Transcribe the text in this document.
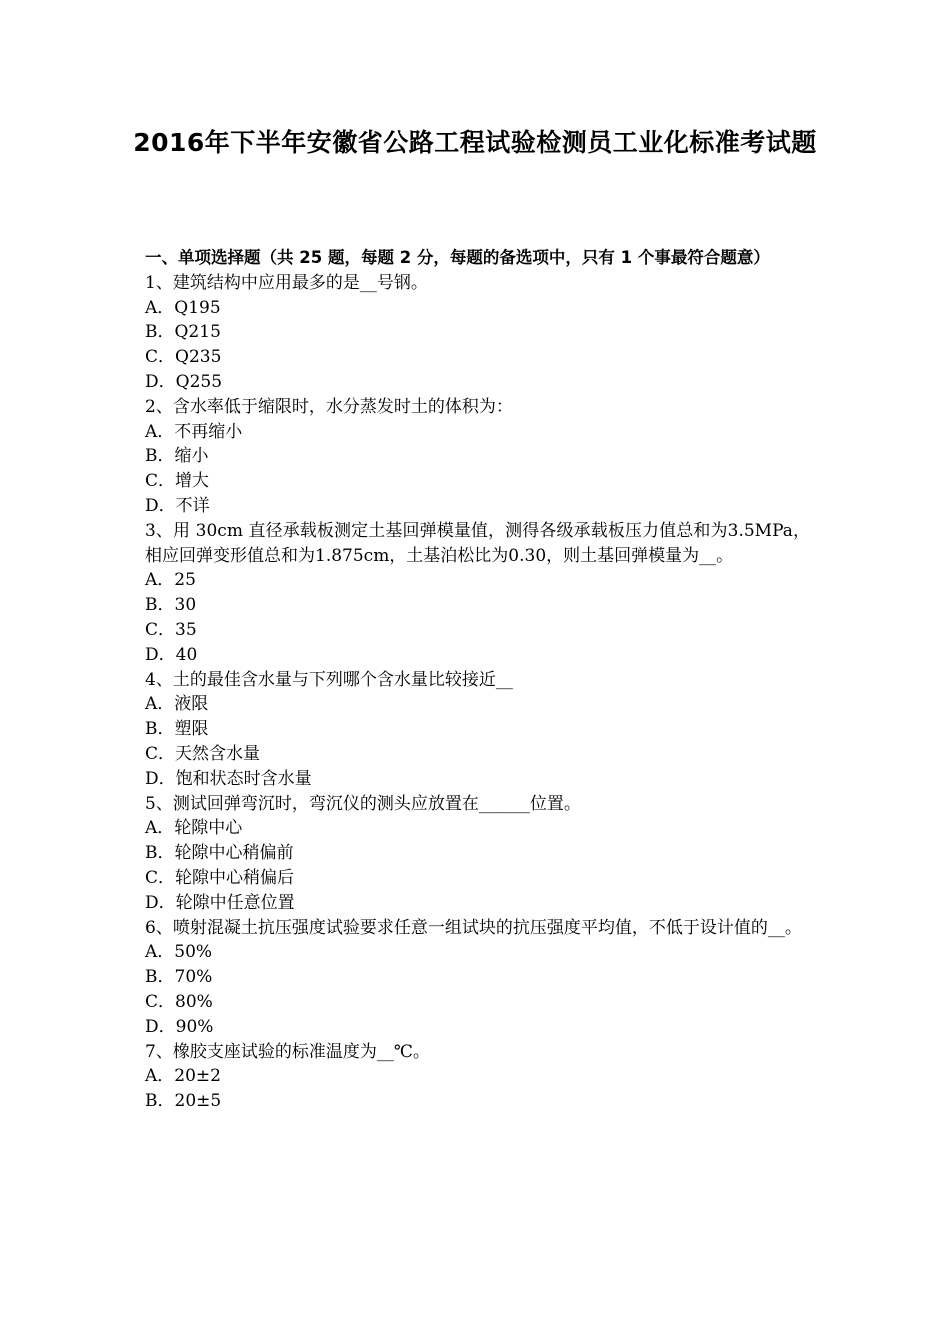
2016年下半年安徽省公路工程试验检测员工业化标准考试题

一、单项选择题（共 25 题，每题 2 分，每题的备选项中，只有 1 个事最符合题意）

1、建筑结构中应用最多的是__号钢。

A．Q195
B．Q215
C．Q235
D．Q255

2、含水率低于缩限时，水分蒸发时土的体积为：

A．不再缩小
B．缩小
C．增大
D．不详

3、用 30cm 直径承载板测定土基回弹模量值，测得各级承载板压力值总和为3.5MPa，相应回弹变形值总和为1.875cm，土基泊松比为0.30，则土基回弹模量为__。

A．25
B．30
C．35
D．40

4、土的最佳含水量与下列哪个含水量比较接近__

A．液限
B．塑限
C．天然含水量
D．饱和状态时含水量

5、测试回弹弯沉时，弯沉仪的测头应放置在______位置。

A．轮隙中心
B．轮隙中心稍偏前
C．轮隙中心稍偏后
D．轮隙中任意位置

6、喷射混凝土抗压强度试验要求任意一组试块的抗压强度平均值，不低于设计值的__。

A．50%
B．70%
C．80%
D．90%

7、橡胶支座试验的标准温度为__℃。

A．20±2
B．20±5
